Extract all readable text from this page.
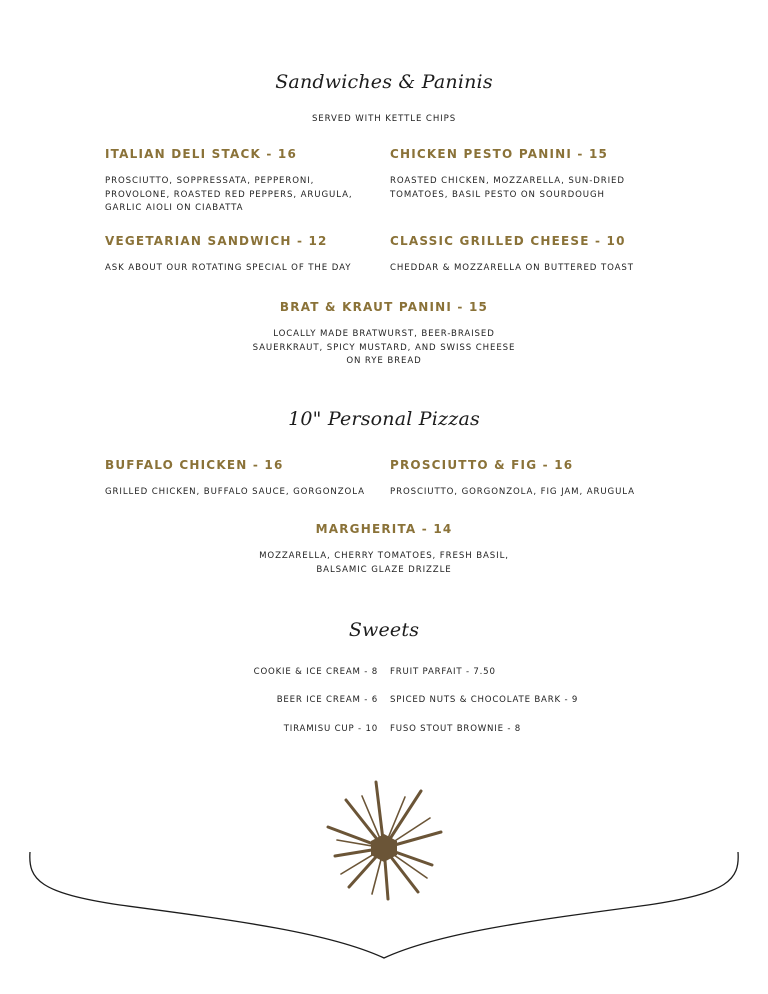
Sandwiches & Paninis
SERVED WITH KETTLE CHIPS
ITALIAN DELI STACK - 16
PROSCIUTTO, SOPPRESSATA, PEPPERONI, PROVOLONE, ROASTED RED PEPPERS, ARUGULA, GARLIC AIOLI ON CIABATTA
CHICKEN PESTO PANINI - 15
ROASTED CHICKEN, MOZZARELLA, SUN-DRIED TOMATOES, BASIL PESTO ON SOURDOUGH
VEGETARIAN SANDWICH - 12
ASK ABOUT OUR ROTATING SPECIAL OF THE DAY
CLASSIC GRILLED CHEESE - 10
CHEDDAR & MOZZARELLA ON BUTTERED TOAST
BRAT & KRAUT PANINI - 15
LOCALLY MADE BRATWURST, BEER-BRAISED SAUERKRAUT, SPICY MUSTARD, AND SWISS CHEESE ON RYE BREAD
10" Personal Pizzas
BUFFALO CHICKEN - 16
GRILLED CHICKEN, BUFFALO SAUCE, GORGONZOLA
PROSCIUTTO & FIG - 16
PROSCIUTTO, GORGONZOLA, FIG JAM, ARUGULA
MARGHERITA - 14
MOZZARELLA, CHERRY TOMATOES, FRESH BASIL, BALSAMIC GLAZE DRIZZLE
Sweets
COOKIE & ICE CREAM - 8 FRUIT PARFAIT - 7.50
BEER ICE CREAM - 6 SPICED NUTS & CHOCOLATE BARK - 9
TIRAMISU CUP - 10 FUSO STOUT BROWNIE - 8
